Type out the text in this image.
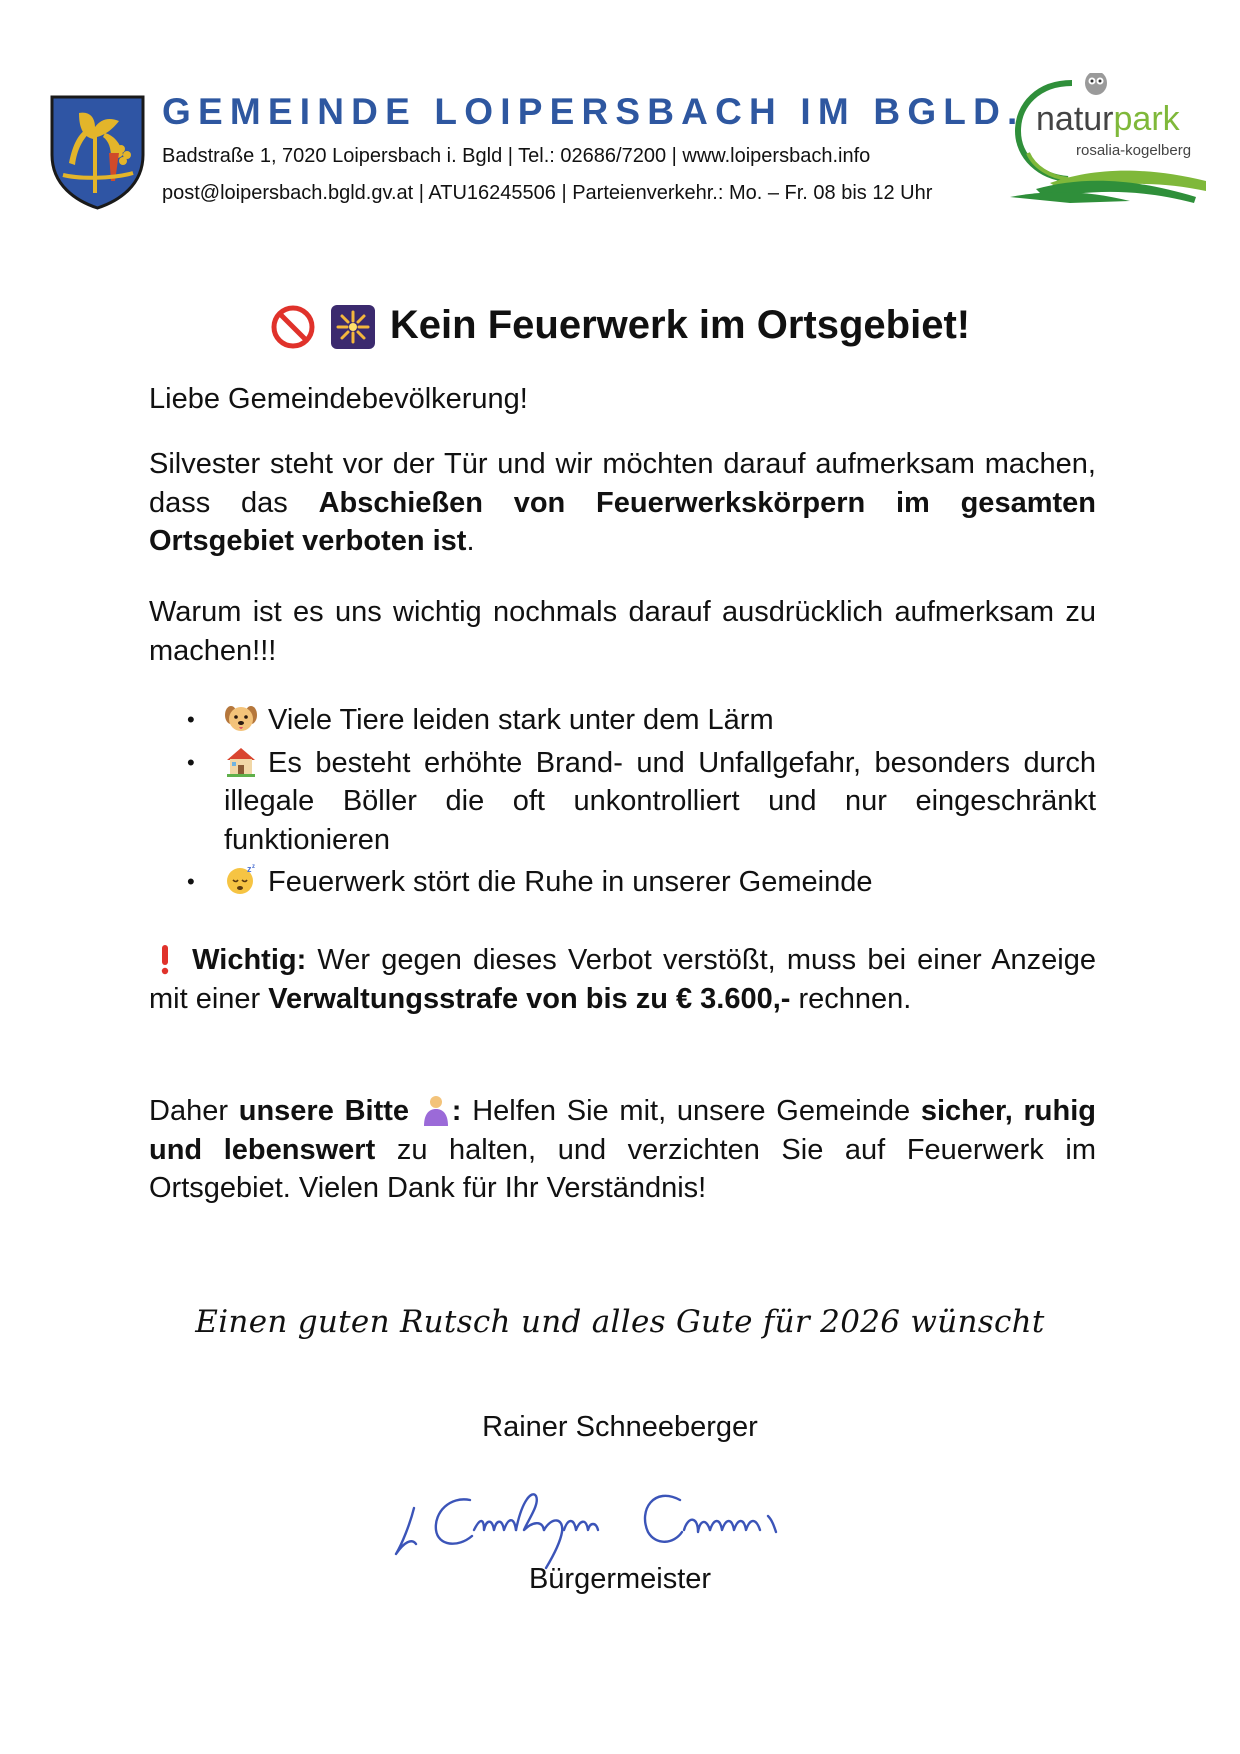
GEMEINDE LOIPERSBACH IM BGLD.
Badstraße 1, 7020 Loipersbach i. Bgld | Tel.: 02686/7200 | www.loipersbach.info
post@loipersbach.bgld.gv.at | ATU16245506 | Parteienverkehr.: Mo. – Fr. 08 bis 12 Uhr
naturpark
rosalia-kogelberg
Kein Feuerwerk im Ortsgebiet!
Liebe Gemeindebevölkerung!

Silvester steht vor der Tür und wir möchten darauf aufmerksam machen, dass das Abschießen von Feuerwerkskörpern im gesamten Ortsgebiet verboten ist.

Warum ist es uns wichtig nochmals darauf ausdrücklich aufmerksam zu machen!!!
• Viele Tiere leiden stark unter dem Lärm
• Es besteht erhöhte Brand- und Unfallgefahr, besonders durch illegale Böller die oft unkontrolliert und nur eingeschränkt funktionieren
• z z Feuerwerk stört die Ruhe in unserer Gemeinde

Wichtig: Wer gegen dieses Verbot verstößt, muss bei einer Anzeige mit einer Verwaltungsstrafe von bis zu € 3.600,- rechnen.

Daher unsere Bitte : Helfen Sie mit, unsere Gemeinde sicher, ruhig und lebenswert zu halten, und verzichten Sie auf Feuerwerk im Ortsgebiet. Vielen Dank für Ihr Verständnis!

Einen guten Rutsch und alles Gute für 2026 wünscht
Rainer Schneeberger
Bürgermeister
